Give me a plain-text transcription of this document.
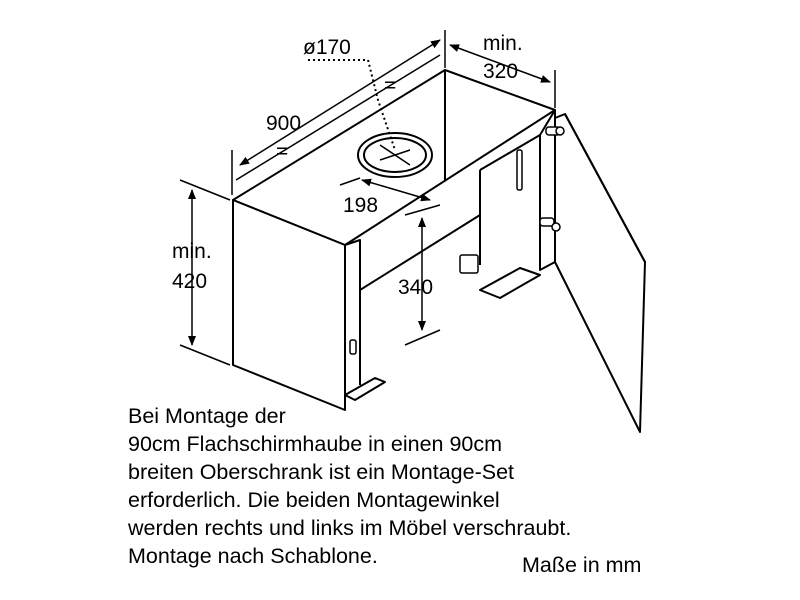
ø170	min.
320
900
=
=
198
min.
420	340
Bei Montage der
90cm Flachschirmhaube in einen 90cm
breiten Oberschrank ist ein Montage-Set
erforderlich. Die beiden Montagewinkel
werden rechts und links im Möbel verschraubt.
Montage nach Schablone.	Maße in mm
